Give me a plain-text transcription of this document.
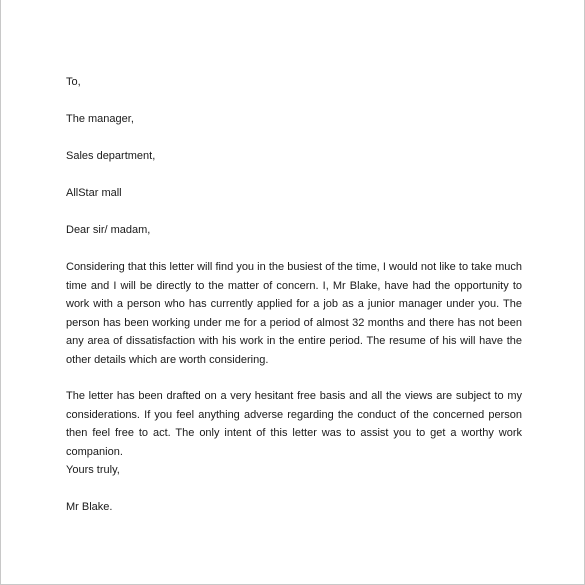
To,

The manager,

Sales department,

AllStar mall

Dear sir/ madam,

Considering that this letter will find you in the busiest of the time, I would not like to take much time and I will be directly to the matter of concern. I, Mr Blake, have had the opportunity to work with a person who has currently applied for a job as a junior manager under you. The person has been working under me for a period of almost 32 months and there has not been any area of dissatisfaction with his work in the entire period. The resume of his will have the other details which are worth considering.

The letter has been drafted on a very hesitant free basis and all the views are subject to my considerations. If you feel anything adverse regarding the conduct of the concerned person then feel free to act. The only intent of this letter was to assist you to get a worthy work companion.

Yours truly,

Mr Blake.
